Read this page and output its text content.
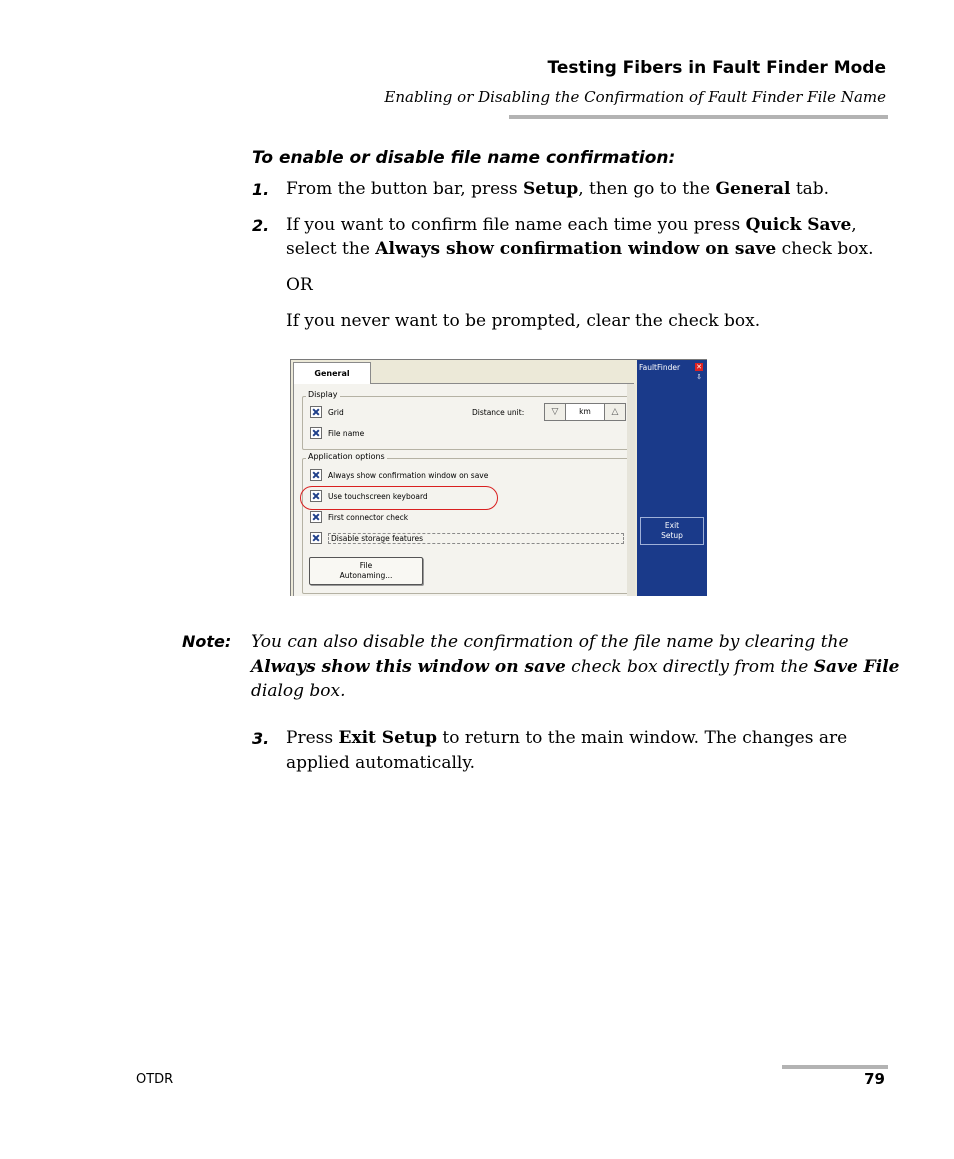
Testing Fibers in Fault Finder Mode
Enabling or Disabling the Confirmation of Fault Finder File Name
To enable or disable file name confirmation:
1. From the button bar, press Setup, then go to the General tab.
2. If you want to confirm file name each time you press Quick Save,
select the Always show confirmation window on save check box.
OR
If you never want to be prompted, clear the check box.
General
Display
Grid
File name
Distance unit:	▽	km	△
Application options
Always show confirmation window on save
Use touchscreen keyboard
First connector check
Disable storage features
File
Autonaming...
FaultFinder ✕
⇩
Exit
Setup
Note: You can also disable the confirmation of the file name by clearing the
Always show this window on save check box directly from the Save File
dialog box.
3. Press Exit Setup to return to the main window. The changes are
applied automatically.
OTDR	79
